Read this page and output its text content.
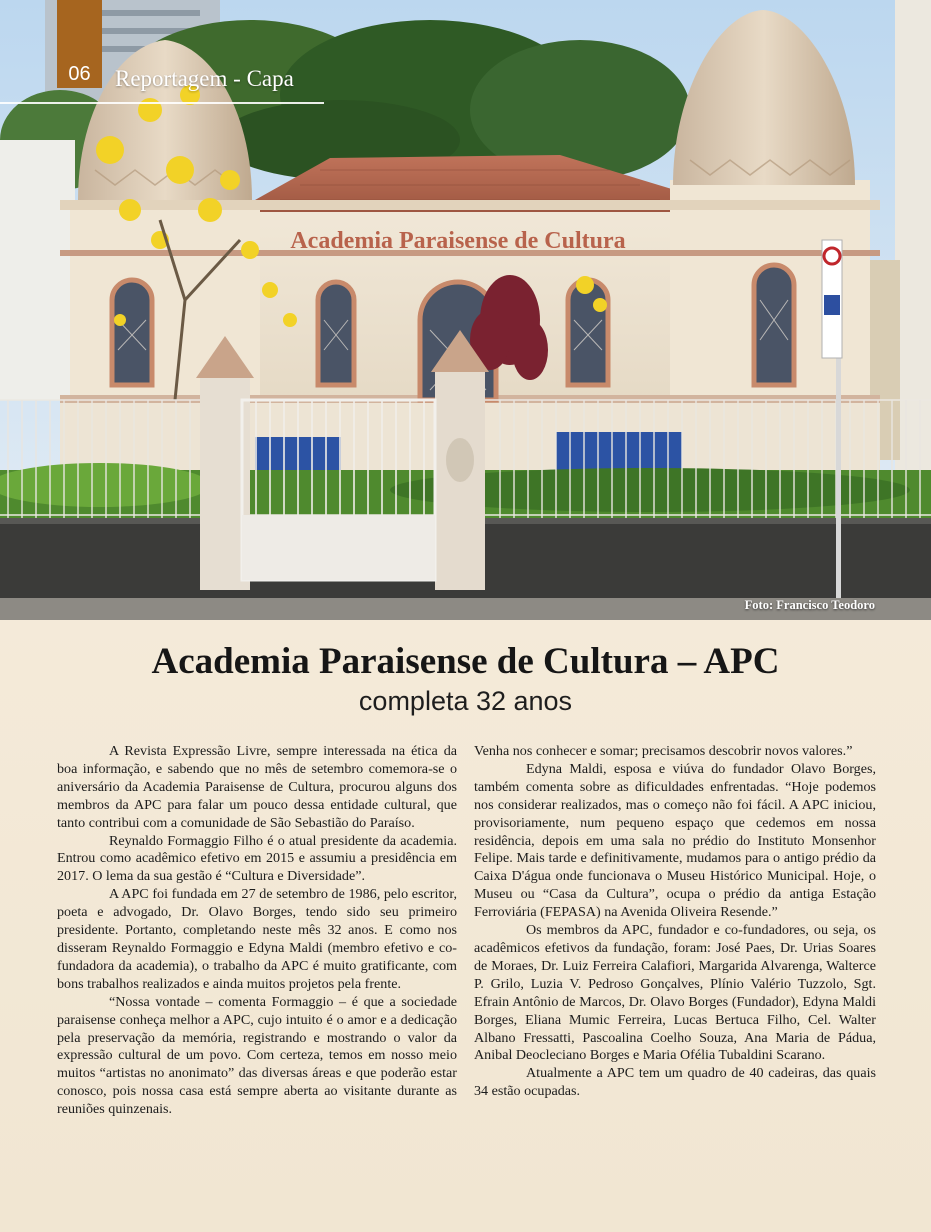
Academia Paraisense de Cultura
06 Reportagem - Capa
Foto: Francisco Teodoro
Academia Paraisense de Cultura – APC
completa 32 anos

A Revista Expressão Livre, sempre interessada na ética da boa informação, e sabendo que no mês de setembro comemora-se o aniversário da Academia Paraisense de Cultura, procurou alguns dos membros da APC para falar um pouco dessa entidade cultural, que tanto contribui com a comunidade de São Sebastião do Paraíso.

Reynaldo Formaggio Filho é o atual presidente da academia. Entrou como acadêmico efetivo em 2015 e assumiu a presidência em 2017. O lema da sua gestão é “Cultura e Diversidade”.

A APC foi fundada em 27 de setembro de 1986, pelo escritor, poeta e advogado, Dr. Olavo Borges, tendo sido seu primeiro presidente. Portanto, completando neste mês 32 anos. E como nos disseram Reynaldo Formaggio e Edyna Maldi (membro efetivo e co-fundadora da academia), o trabalho da APC é muito gratificante, com bons trabalhos realizados e ainda muitos projetos pela frente.

“Nossa vontade – comenta Formaggio – é que a sociedade paraisense conheça melhor a APC, cujo intuito é o amor e a dedicação pela preservação da memória, registrando e mostrando o valor da expressão cultural de um povo. Com certeza, temos em nosso meio muitos “artistas no anonimato” das diversas áreas e que poderão estar conosco, pois nossa casa está sempre aberta ao visitante durante as reuniões quinzenais.

Venha nos conhecer e somar; precisamos descobrir novos valores.”

Edyna Maldi, esposa e viúva do fundador Olavo Borges, também comenta sobre as dificuldades enfrentadas. “Hoje podemos nos considerar realizados, mas o começo não foi fácil. A APC iniciou, provisoriamente, num pequeno espaço que cedemos em nossa residência, depois em uma sala no prédio do Instituto Monsenhor Felipe. Mais tarde e definitivamente, mudamos para o antigo prédio da Caixa D'água onde funcionava o Museu Histórico Municipal. Hoje, o Museu ou “Casa da Cultura”, ocupa o prédio da antiga Estação Ferroviária (FEPASA) na Avenida Oliveira Resende.”

Os membros da APC, fundador e co-fundadores, ou seja, os acadêmicos efetivos da fundação, foram: José Paes, Dr. Urias Soares de Moraes, Dr. Luiz Ferreira Calafiori, Margarida Alvarenga, Walterce P. Grilo, Luzia V. Pedroso Gonçalves, Plínio Valério Tuzzolo, Sgt. Efrain Antônio de Marcos, Dr. Olavo Borges (Fundador), Edyna Maldi Borges, Eliana Mumic Ferreira, Lucas Bertuca Filho, Cel. Walter Albano Fressatti, Pascoalina Coelho Souza, Ana Maria de Pádua, Anibal Deocleciano Borges e Maria Ofélia Tubaldini Scarano.

Atualmente a APC tem um quadro de 40 cadeiras, das quais 34 estão ocupadas.
